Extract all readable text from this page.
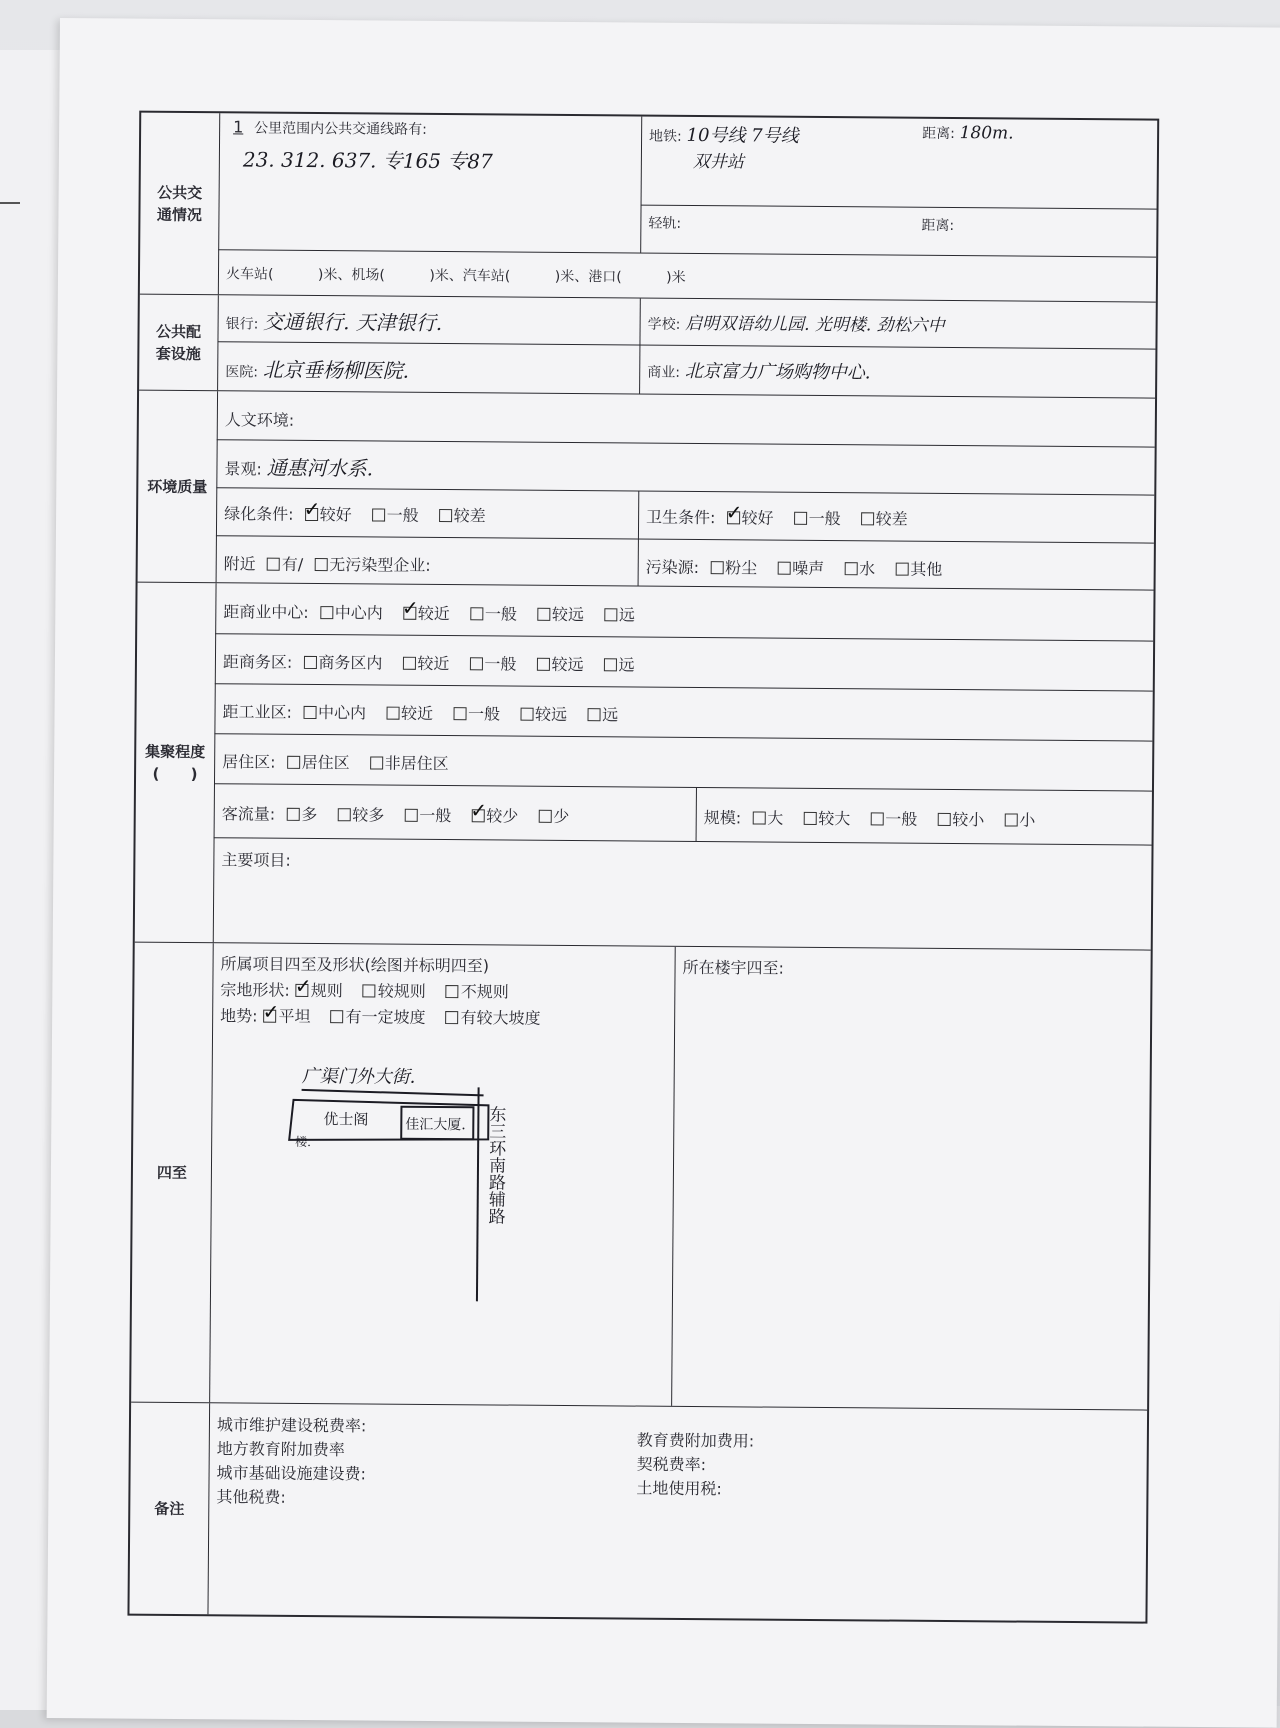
公共交通情况
1 公里范围内公共交通线路有:
23. 312. 637. 专165 专87
地铁: 10号线 7号线
双井站
距离: 180m.
轻轨:	距离:
火车站(          )米、机场(          )米、汽车站(          )米、港口(          )米
公共配套设施
银行: 交通银行. 天津银行.	学校: 启明双语幼儿园. 光明楼. 劲松六中
医院: 北京垂杨柳医院.	商业: 北京富力广场购物中心.
环境质量
人文环境:
景观: 通惠河水系.
绿化条件: ✓ 较好 一般 较差	卫生条件: ✓ 较好 一般 较差
附近 有/ 无污染型企业:	污染源: 粉尘 噪声 水 其他
集聚程度
(      )
距商业中心: 中心内 ✓ 较近 一般 较远 远
距商务区: 商务区内 较近 一般 较远 远
距工业区: 中心内 较近 一般 较远 远
居住区: 居住区 非居住区
客流量: 多 较多 一般 ✓ 较少 少	规模: 大 较大 一般 较小 小
主要项目:
四至
所属项目四至及形状(绘图并标明四至)
宗地形状: ✓ 规则 较规则 不规则
地势: ✓ 平坦 有一定坡度 有较大坡度
所在楼宇四至:
广渠门外大街.
优士阁	佳汇大厦.
楼.	东三环南路辅路
备注
城市维护建设税费率:
地方教育附加费率
城市基础设施建设费:
其他税费:
教育费附加费用:
契税费率:
土地使用税:
